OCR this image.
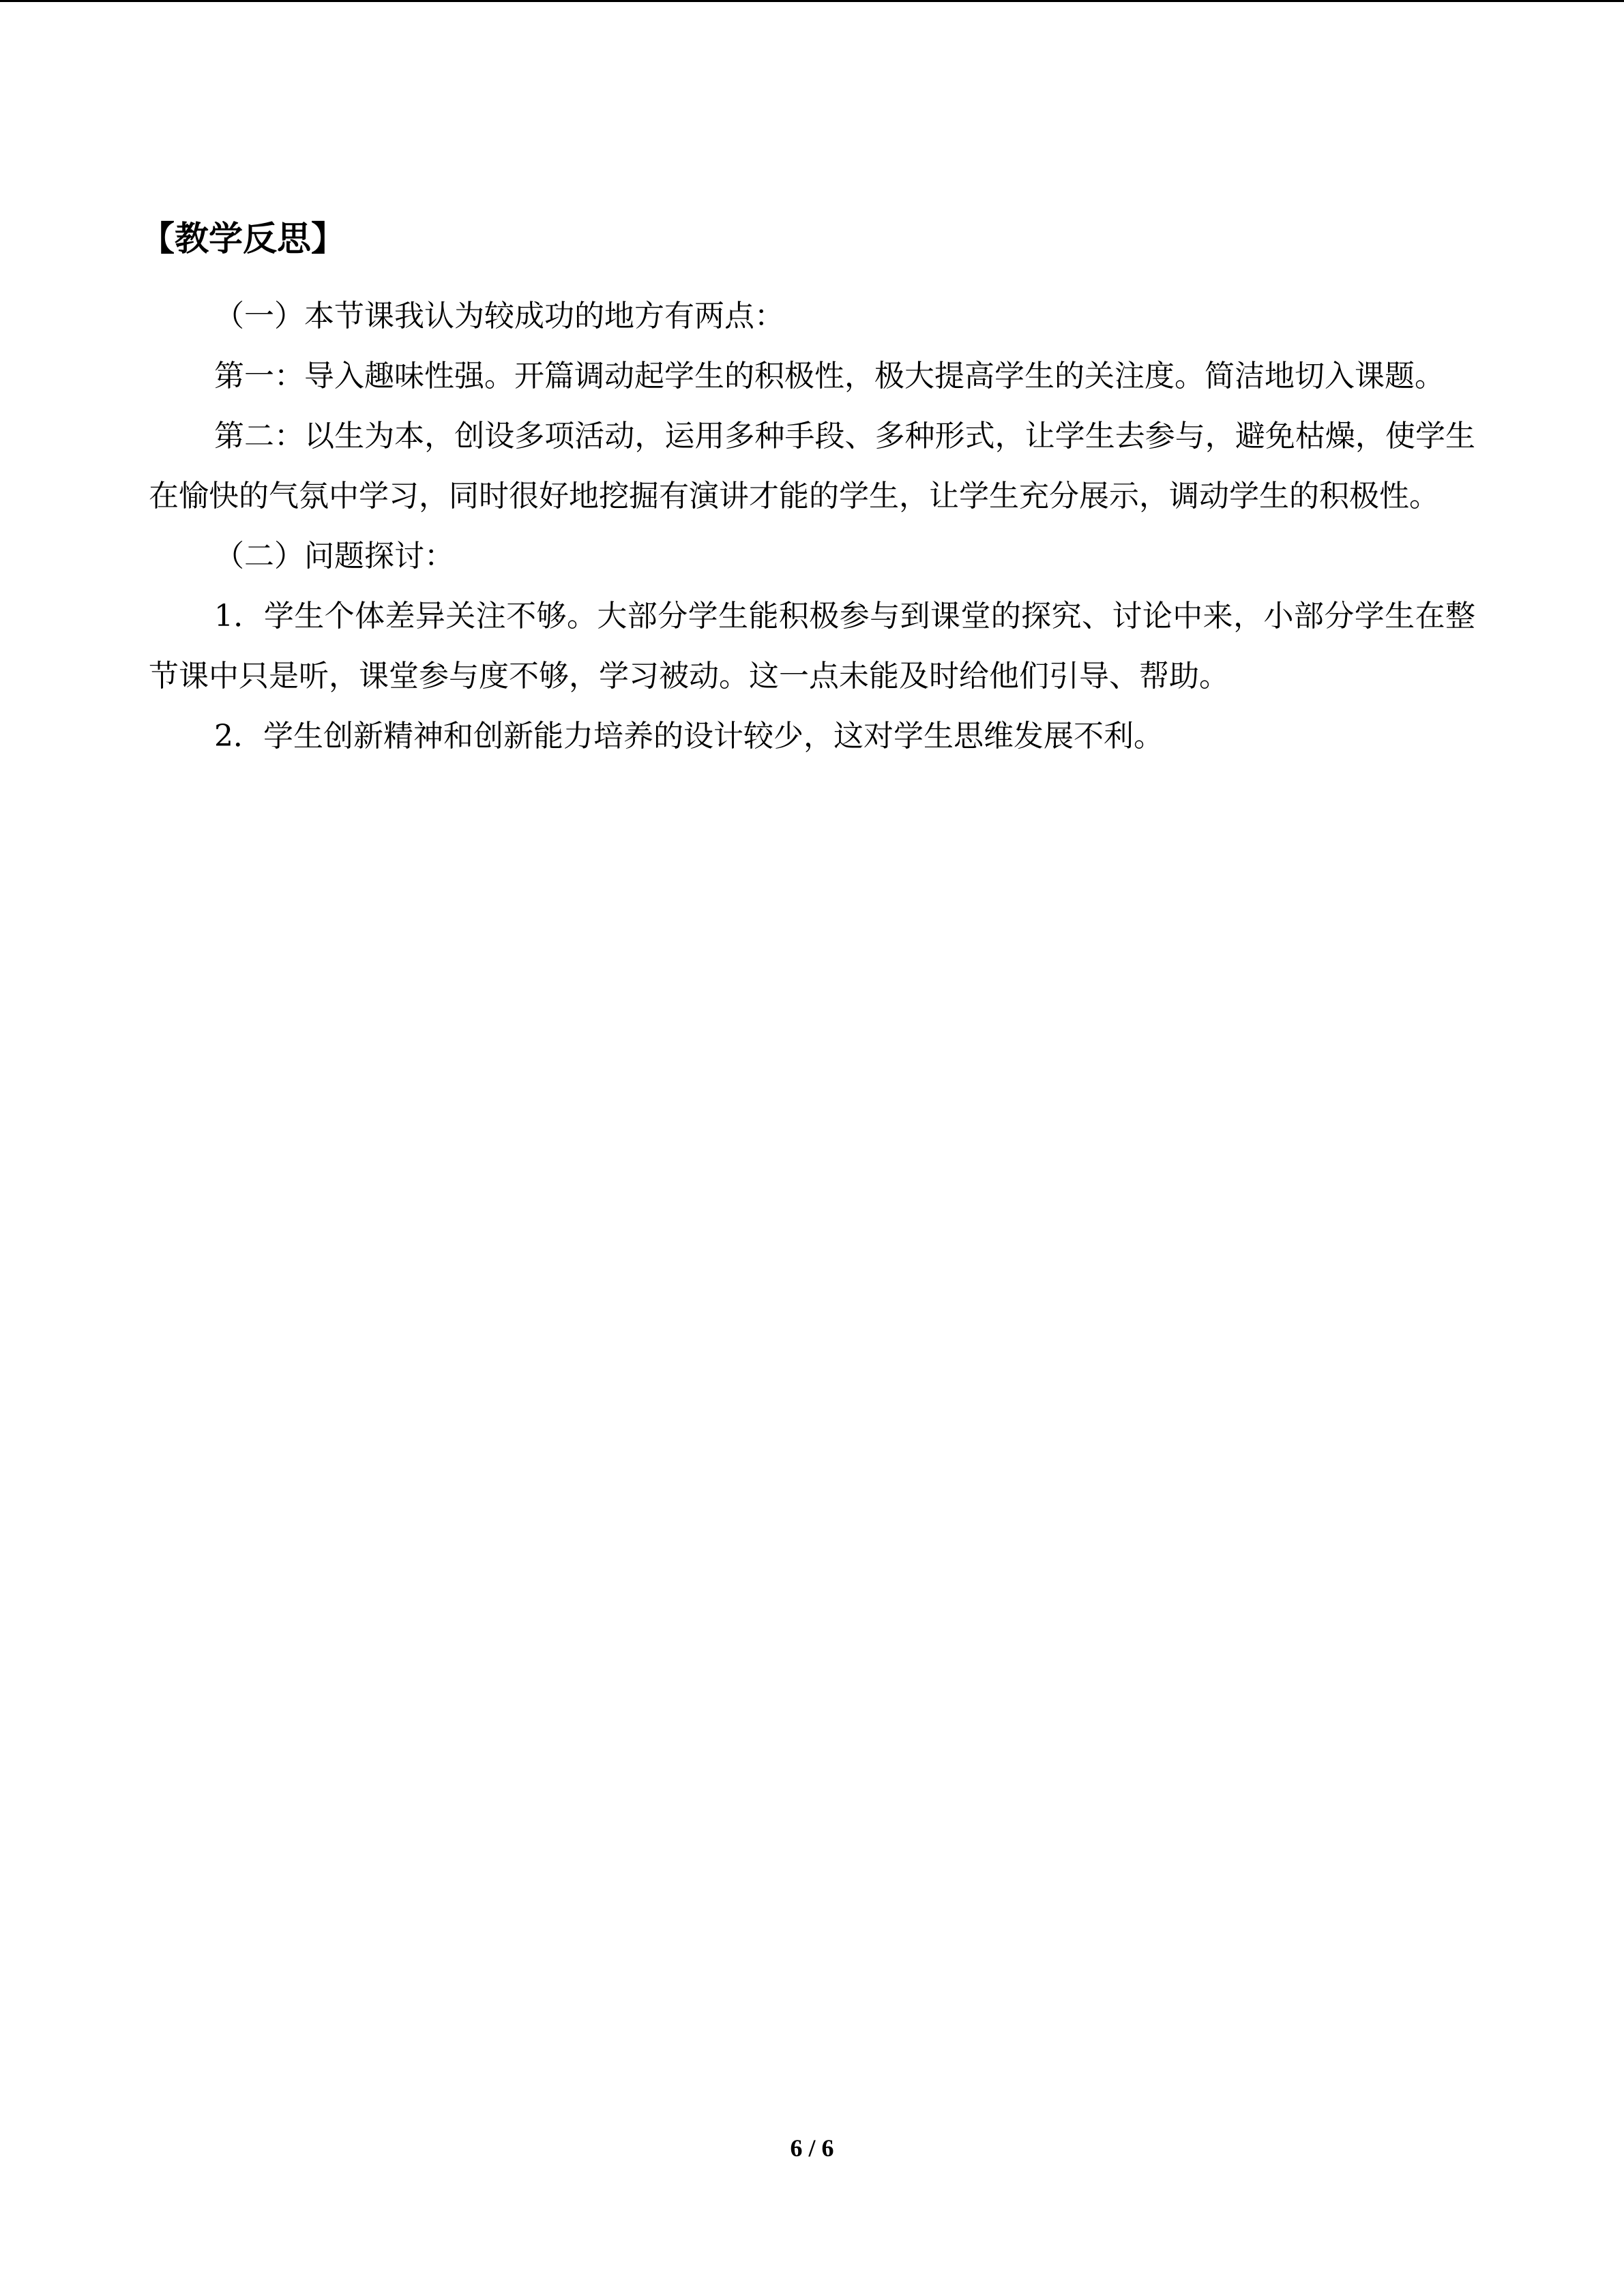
【教学反思】

（一）本节课我认为较成功的地方有两点：

第一：导入趣味性强。开篇调动起学生的积极性，极大提高学生的关注度。简洁地切入课题。

第二：以生为本，创设多项活动，运用多种手段、多种形式，让学生去参与，避免枯燥，使学生在愉快的气氛中学习，同时很好地挖掘有演讲才能的学生，让学生充分展示，调动学生的积极性。

（二）问题探讨：

1．学生个体差异关注不够。大部分学生能积极参与到课堂的探究、讨论中来，小部分学生在整节课中只是听，课堂参与度不够，学习被动。这一点未能及时给他们引导、帮助。

2．学生创新精神和创新能力培养的设计较少，这对学生思维发展不利。

6 / 6
